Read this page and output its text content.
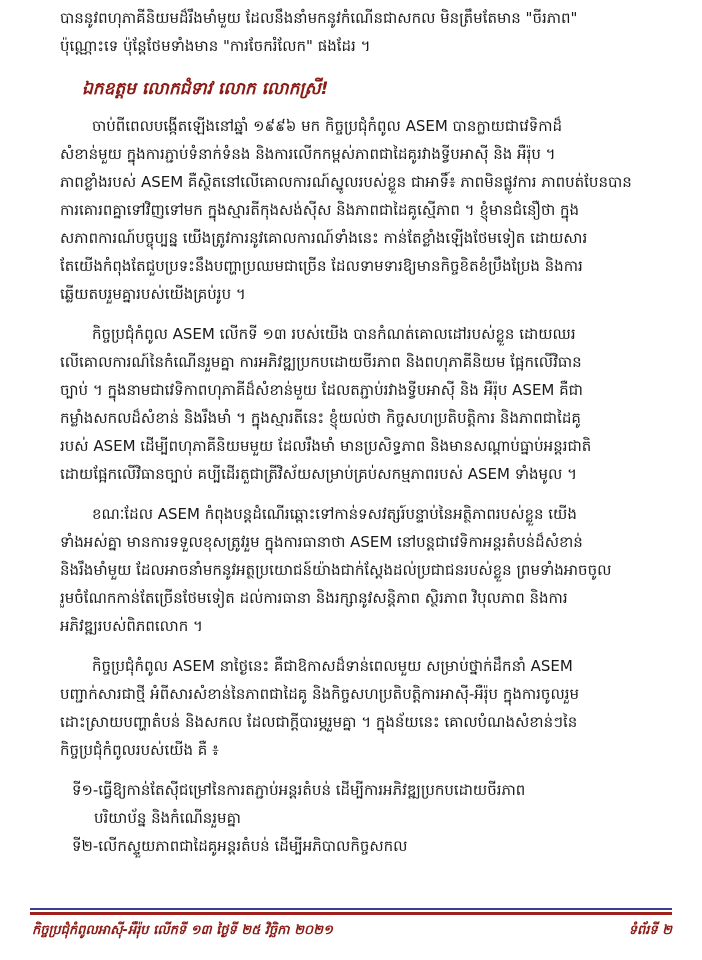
បាននូវពហុភាគីនិយមដ៏រឹងមាំមួយ ដែលនឹងនាំមកនូវកំណើនជាសកល មិនត្រឹមតែមាន "ចីរភាព"

ប៉ុណ្ណោះទេ ប៉ុន្តែថែមទាំងមាន "ការចែករំលែក" ផងដែរ ។

ឯកឧត្តម លោកជំទាវ លោក លោកស្រី!

ចាប់ពីពេលបង្កើតឡើងនៅឆ្នាំ ១៩៩៦ មក កិច្ចប្រជុំកំពូល ASEM បានក្លាយជាវេទិកាដ៏

សំខាន់មួយ ក្នុងការភ្ជាប់ទំនាក់ទំនង និងការលើកកម្ពស់ភាពជាដៃគូរវាងទ្វីបអាស៊ី និង អឺរ៉ុប ។

ភាពខ្លាំងរបស់ ASEM គឺស្ថិតនៅលើគោលការណ៍ស្នូលរបស់ខ្លួន ជាអាទិ៍៖ ភាពមិនផ្លូវការ ភាពបត់បែនបាន

ការគោរពគ្នាទៅវិញទៅមក ក្នុងស្មារតីកុងសង់ស៊ីស និងភាពជាដៃគូស្មើភាព ។ ខ្ញុំមានជំនឿថា ក្នុង

សភាពការណ៍បច្ចុប្បន្ន យើងត្រូវការនូវគោលការណ៍ទាំងនេះ កាន់តែខ្លាំងឡើងថែមទៀត ដោយសារ

តែយើងកំពុងតែជួបប្រទះនឹងបញ្ហាប្រឈមជាច្រើន ដែលទាមទារឱ្យមានកិច្ចខិតខំប្រឹងប្រែង និងការ

ឆ្លើយតបរួមគ្នារបស់យើងគ្រប់រូប ។

កិច្ចប្រជុំកំពូល ASEM លើកទី ១៣ របស់យើង បានកំណត់គោលដៅរបស់ខ្លួន ដោយឈរ

លើគោលការណ៍នៃកំណើនរួមគ្នា ការអភិវឌ្ឍប្រកបដោយចីរភាព និងពហុភាគីនិយម ផ្អែកលើវិធាន

ច្បាប់ ។ ក្នុងនាមជាវេទិកាពហុភាគីដ៏សំខាន់មួយ ដែលតភ្ជាប់រវាងទ្វីបអាស៊ី និង អឺរ៉ុប ASEM គឺជា

កម្លាំងសកលដ៏សំខាន់ និងរឹងមាំ ។ ក្នុងស្មារតីនេះ ខ្ញុំយល់ថា កិច្ចសហប្រតិបត្តិការ និងភាពជាដៃគូ

របស់ ASEM ដើម្បីពហុភាគីនិយមមួយ ដែលរឹងមាំ មានប្រសិទ្ធភាព និងមានសណ្តាប់ធ្នាប់អន្តរជាតិ

ដោយផ្អែកលើវិធានច្បាប់ គប្បីដើរតួជាត្រីវិស័យសម្រាប់គ្រប់សកម្មភាពរបស់ ASEM ទាំងមូល ។

ខណៈដែល ASEM កំពុងបន្តដំណើរឆ្ពោះទៅកាន់ទសវត្សរ៍បន្ទាប់នៃអត្ថិភាពរបស់ខ្លួន យើង

ទាំងអស់គ្នា មានការទទួលខុសត្រូវរួម ក្នុងការធានាថា ASEM នៅបន្តជាវេទិកាអន្តរតំបន់ដ៏សំខាន់

និងរឹងមាំមួយ ដែលអាចនាំមកនូវអត្ថប្រយោជន៍យ៉ាងជាក់ស្តែងដល់ប្រជាជនរបស់ខ្លួន ព្រមទាំងអាចចូល

រួមចំណែកកាន់តែច្រើនថែមទៀត ដល់ការធានា និងរក្សានូវសន្តិភាព ស្ថិរភាព វិបុលភាព និងការ

អភិវឌ្ឍរបស់ពិភពលោក ។

កិច្ចប្រជុំកំពូល ASEM នាថ្ងៃនេះ គឺជាឱកាសដ៏ទាន់ពេលមួយ សម្រាប់ថ្នាក់ដឹកនាំ ASEM

បញ្ជាក់សារជាថ្មី អំពីសារសំខាន់នៃភាពជាដៃគូ និងកិច្ចសហប្រតិបត្តិការអាស៊ី-អឺរ៉ុប ក្នុងការចូលរួម

ដោះស្រាយបញ្ហាតំបន់ និងសកល ដែលជាក្តីបារម្ភរួមគ្នា ។ ក្នុងន័យនេះ គោលបំណងសំខាន់ៗនៃ

កិច្ចប្រជុំកំពូលរបស់យើង គឺ ៖

ទី១-ធ្វើឱ្យកាន់តែស៊ីជម្រៅនៃការតភ្ជាប់អន្តរតំបន់ ដើម្បីការអភិវឌ្ឍប្រកបដោយចីរភាព

បរិយាប័ន្ន និងកំណើនរួមគ្នា

ទី២-លើកស្ទួយភាពជាដៃគូអន្តរតំបន់ ដើម្បីអភិបាលកិច្ចសកល

កិច្ចប្រជុំកំពូលអាស៊ី-អឺរ៉ុប លើកទី ១៣ ថ្ងៃទី ២៥ វិច្ឆិកា ២០២១	ទំព័រទី ២
